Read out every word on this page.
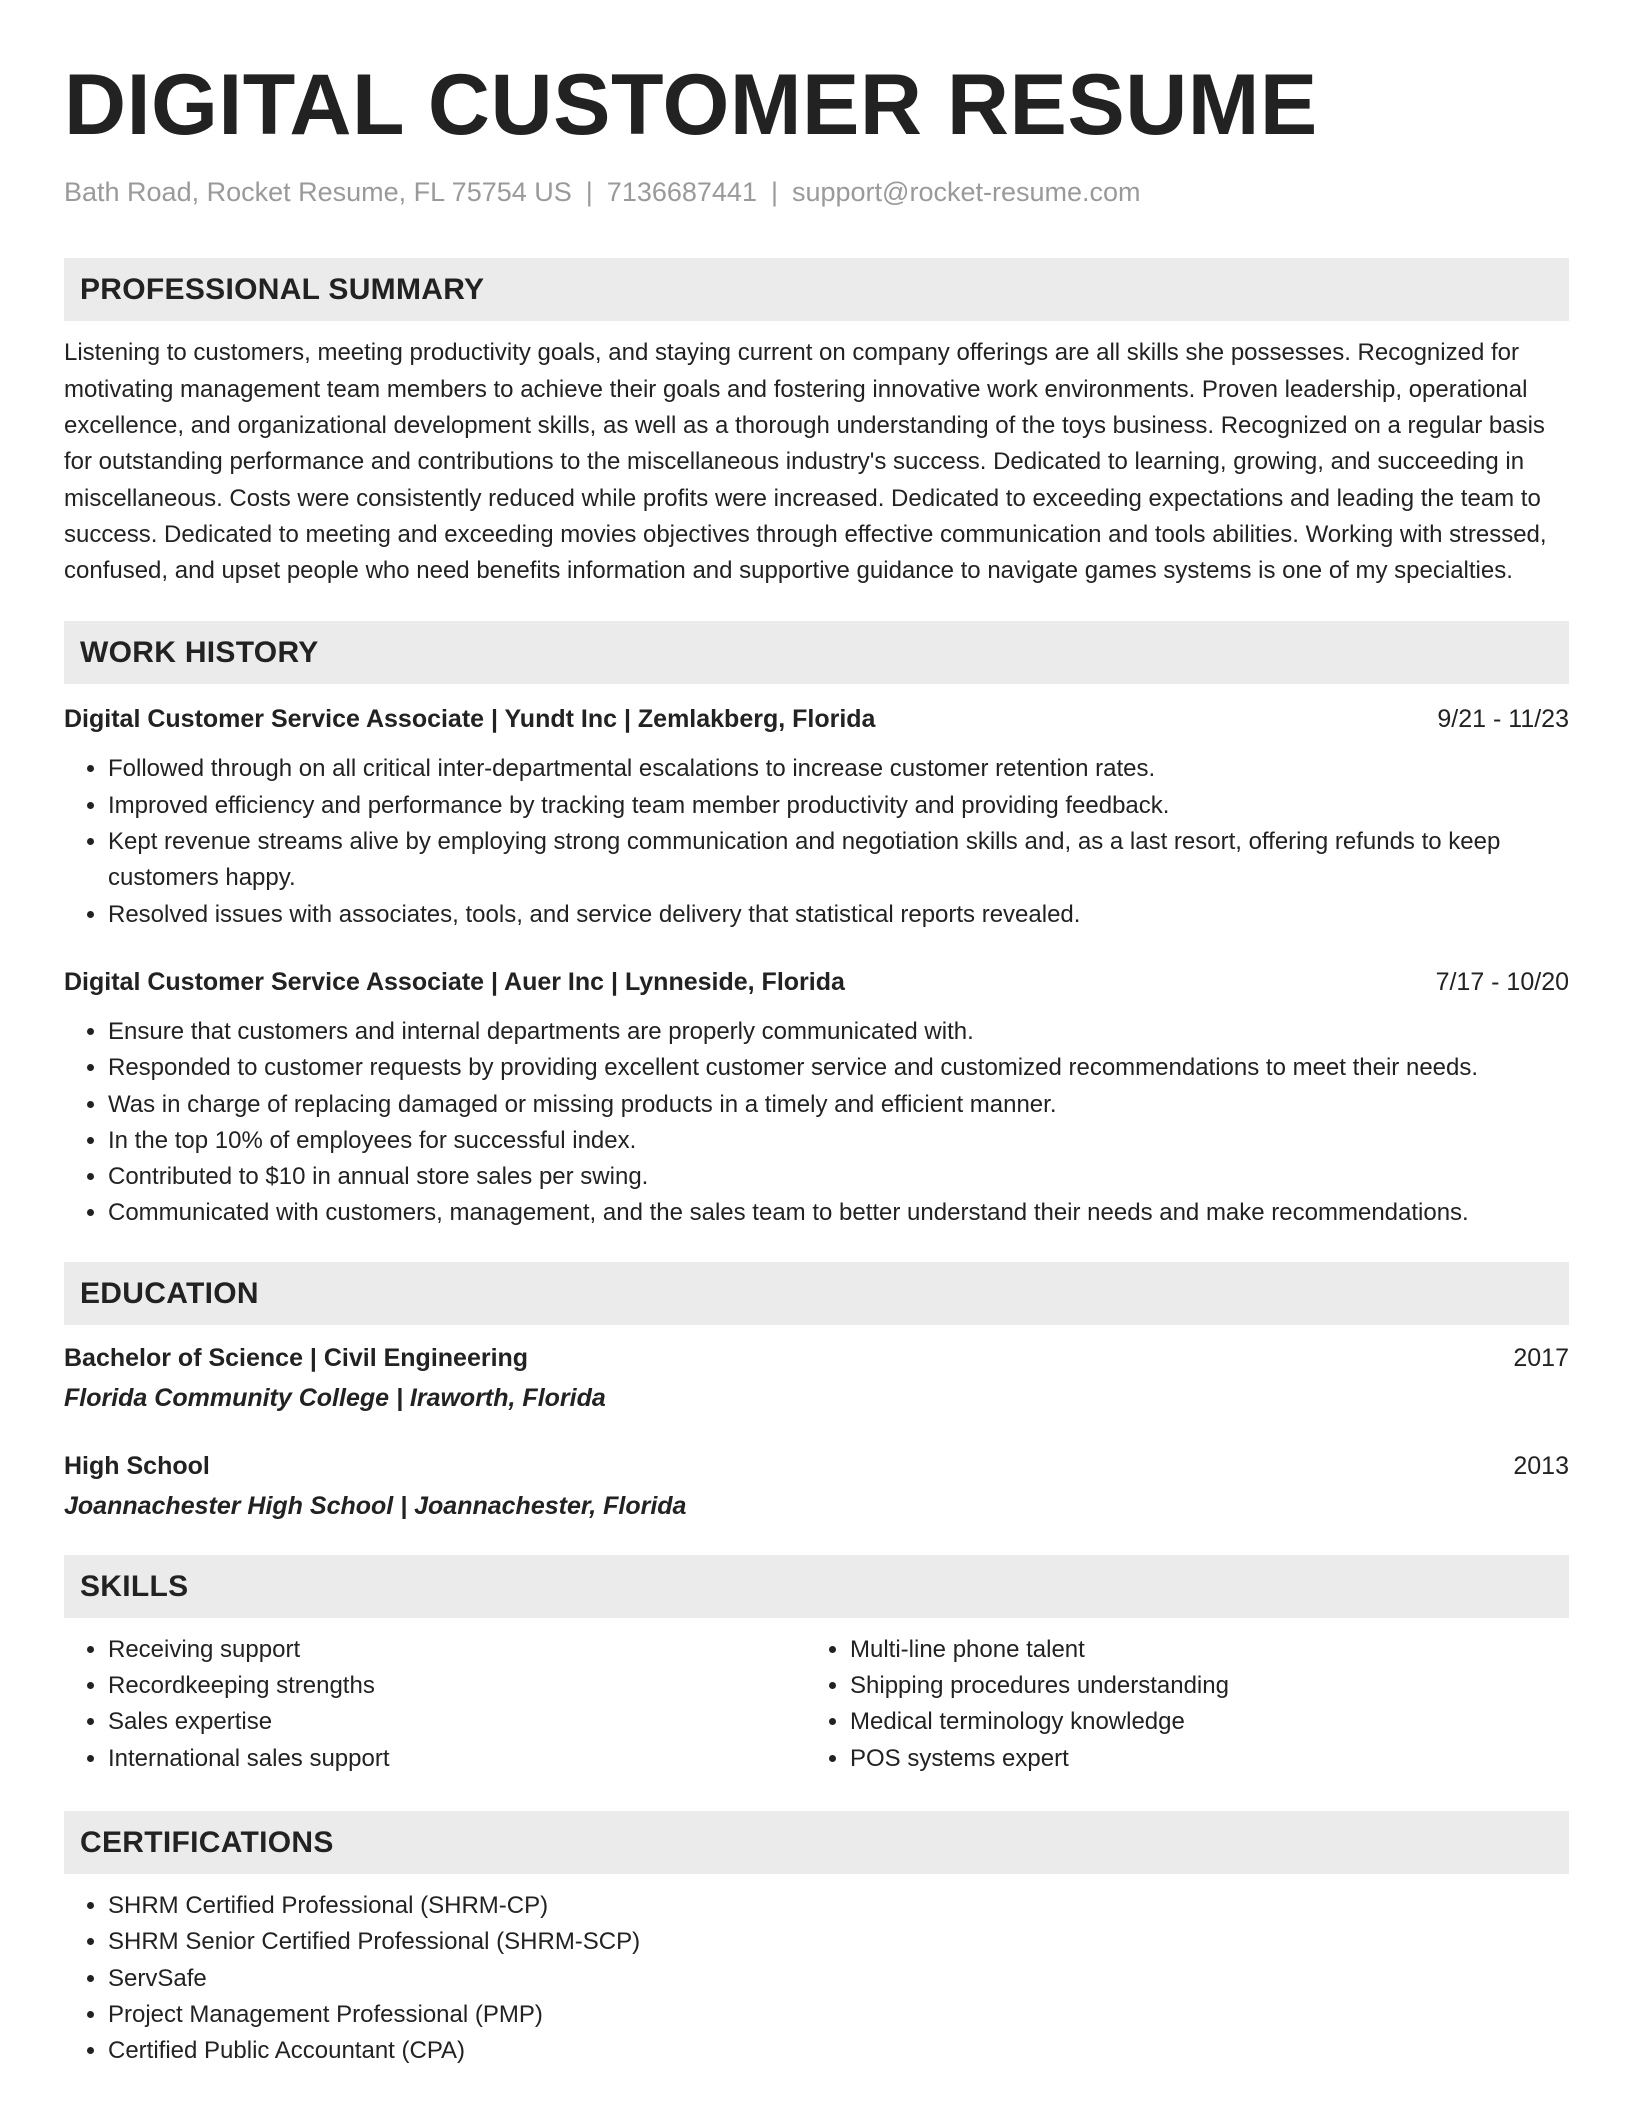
DIGITAL CUSTOMER RESUME
Bath Road, Rocket Resume, FL 75754 US | 7136687441 | support@rocket-resume.com
PROFESSIONAL SUMMARY
Listening to customers, meeting productivity goals, and staying current on company offerings are all skills she possesses. Recognized for motivating management team members to achieve their goals and fostering innovative work environments. Proven leadership, operational excellence, and organizational development skills, as well as a thorough understanding of the toys business. Recognized on a regular basis for outstanding performance and contributions to the miscellaneous industry's success. Dedicated to learning, growing, and succeeding in miscellaneous. Costs were consistently reduced while profits were increased. Dedicated to exceeding expectations and leading the team to success. Dedicated to meeting and exceeding movies objectives through effective communication and tools abilities. Working with stressed, confused, and upset people who need benefits information and supportive guidance to navigate games systems is one of my specialties.
WORK HISTORY
Digital Customer Service Associate | Yundt Inc | Zemlakberg, Florida	9/21 - 11/23
• Followed through on all critical inter-departmental escalations to increase customer retention rates.
• Improved efficiency and performance by tracking team member productivity and providing feedback.
• Kept revenue streams alive by employing strong communication and negotiation skills and, as a last resort, offering refunds to keep customers happy.
• Resolved issues with associates, tools, and service delivery that statistical reports revealed.
Digital Customer Service Associate | Auer Inc | Lynneside, Florida	7/17 - 10/20
• Ensure that customers and internal departments are properly communicated with.
• Responded to customer requests by providing excellent customer service and customized recommendations to meet their needs.
• Was in charge of replacing damaged or missing products in a timely and efficient manner.
• In the top 10% of employees for successful index.
• Contributed to $10 in annual store sales per swing.
• Communicated with customers, management, and the sales team to better understand their needs and make recommendations.
EDUCATION
Bachelor of Science | Civil Engineering	2017
Florida Community College | Iraworth, Florida
High School	2013
Joannachester High School | Joannachester, Florida
SKILLS
• Receiving support
• Recordkeeping strengths
• Sales expertise
• International sales support
• Multi-line phone talent
• Shipping procedures understanding
• Medical terminology knowledge
• POS systems expert
CERTIFICATIONS
• SHRM Certified Professional (SHRM-CP)
• SHRM Senior Certified Professional (SHRM-SCP)
• ServSafe
• Project Management Professional (PMP)
• Certified Public Accountant (CPA)
